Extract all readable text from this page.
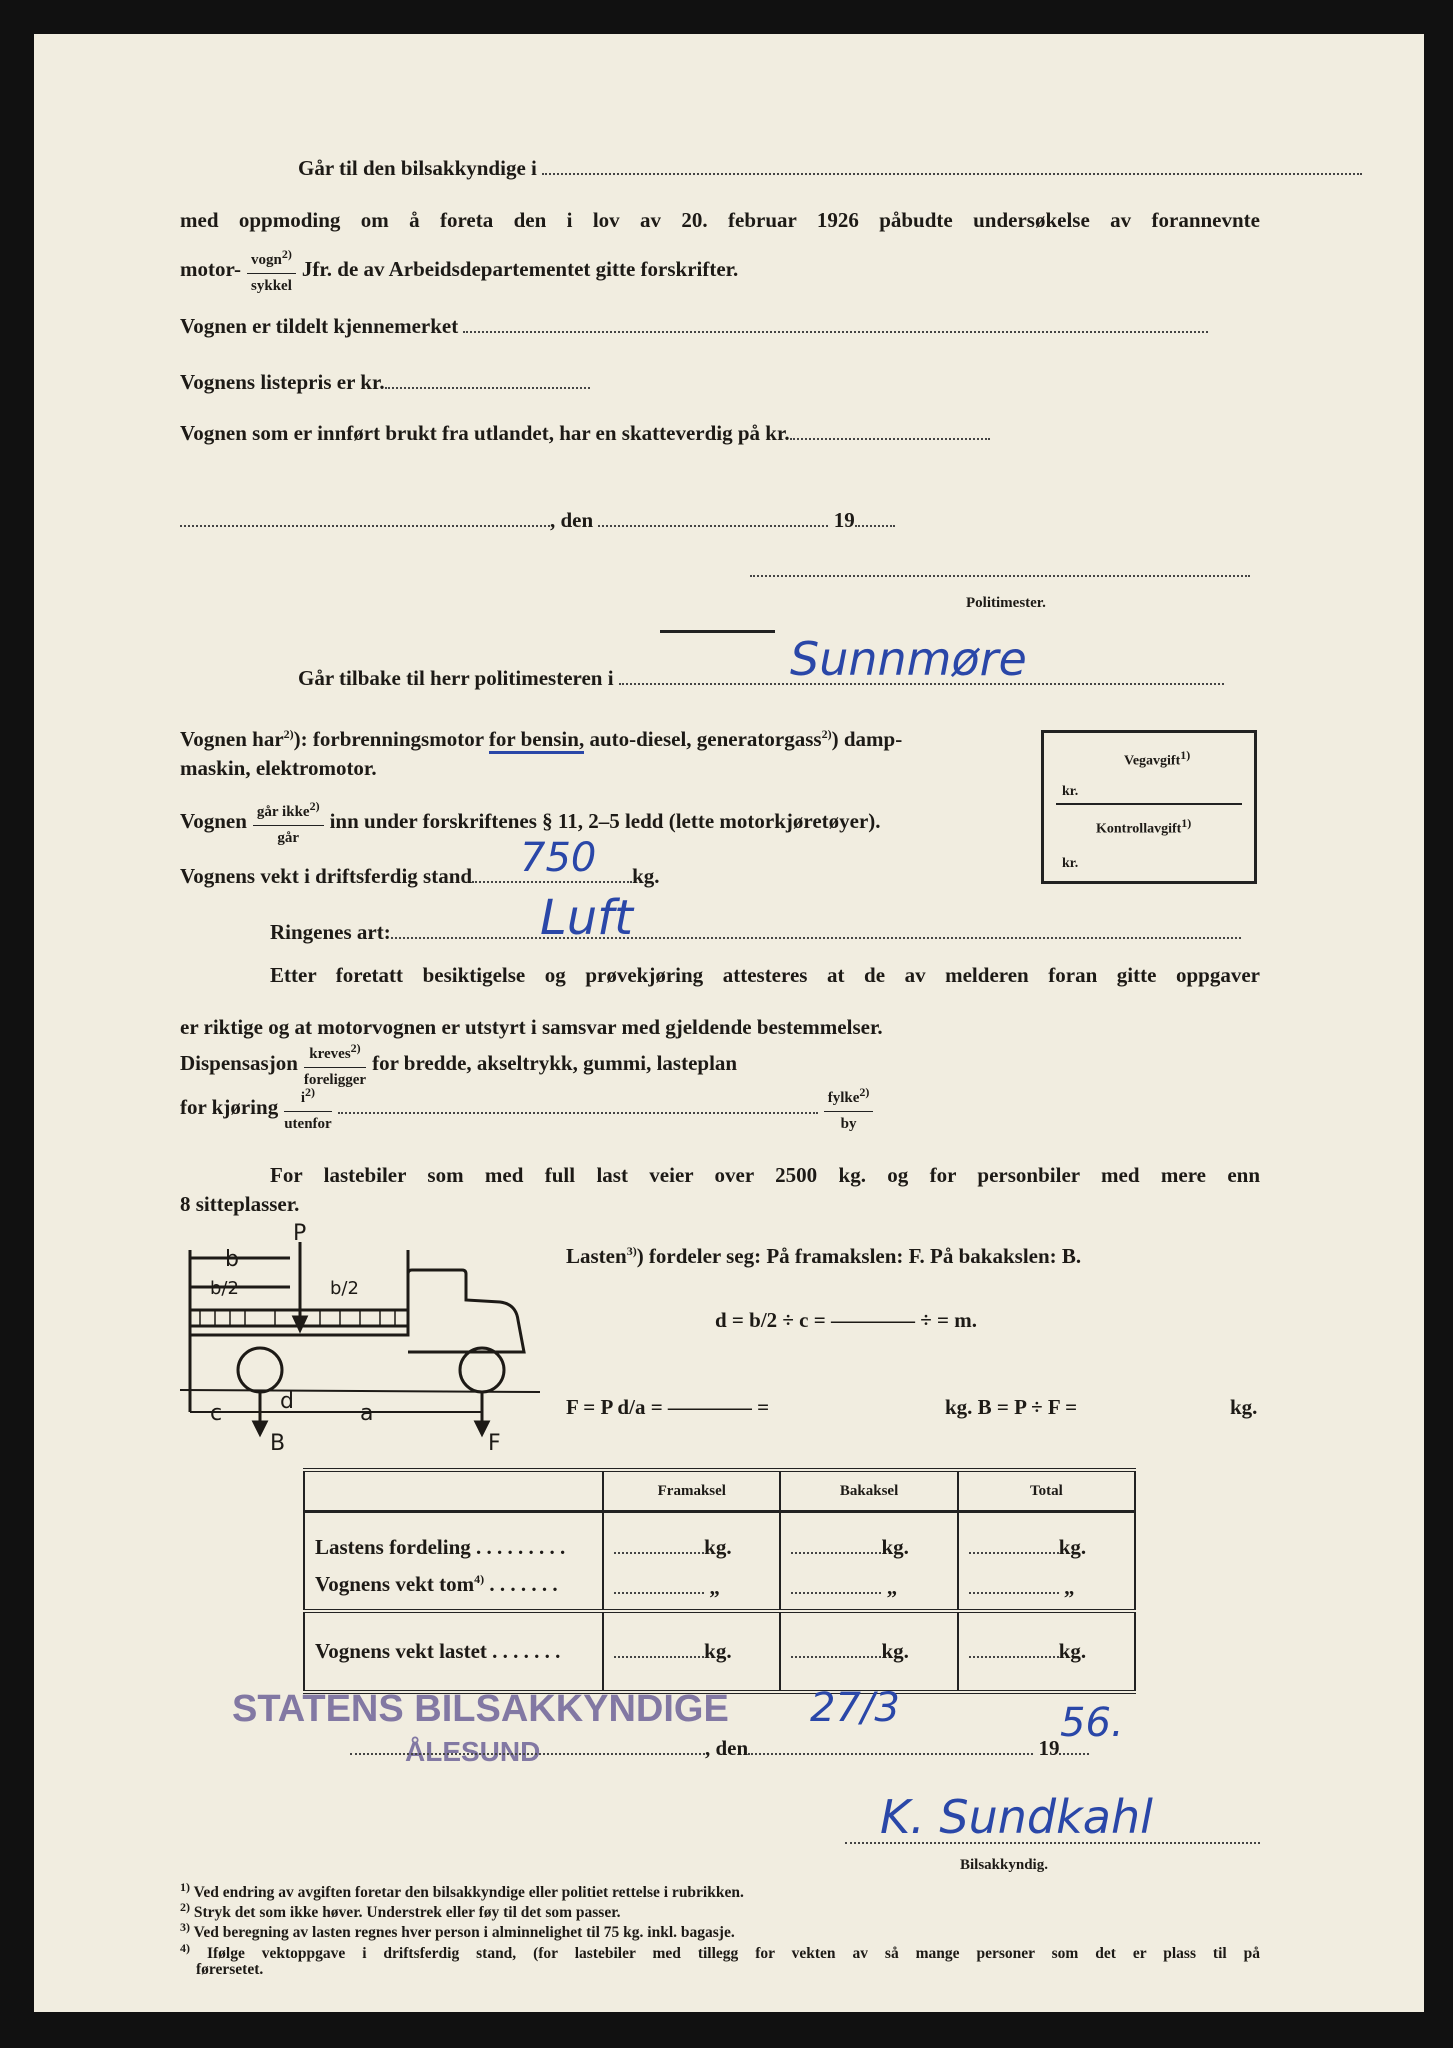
Går til den bilsakkyndige i
med oppmoding om å foreta den i lov av 20. februar 1926 påbudte undersøkelse av forannevnte
motor- $\frac{vogn^{2)}}{\text{sykkel}}$ Jfr. de av Arbeidsdepartementet gitte forskrifter.
Vognen er tildelt kjennemerket
Vognens listepris er kr.
Vognen som er innført brukt fra utlandet, har en skatteverdig på kr.
, den	19
Politimester.
Går tilbake til herr politimesteren i	Sunnmøre
Vognen har$^{2)}$): forbrenningsmotor for bensin, auto-diesel, generatorgass$^{2)}$) damp-
maskin, elektromotor.
Vognen $\frac{går ikke^{2)}}{\text{går}}$ inn under forskriftenes § 11, 2–5 ledd (lette motorkjøretøyer).
Vognens vekt i driftsferdig stand	kg.
750
Ringenes art:	Luft
Etter foretatt besiktigelse og prøvekjøring attesteres at de av melderen foran gitte oppgaver
er riktige og at motorvognen er utstyrt i samsvar med gjeldende bestemmelser.
Dispensasjon $\frac{kreves^{2)}}{\text{foreligger}}$ for bredde, akseltrykk, gummi, lasteplan
for kjøring $\frac{i^{2)}}{\text{utenfor}}$	$\frac{fylke^{2)}}{by}$
For lastebiler som med full last veier over 2500 kg. og for personbiler med mere enn
8 sitteplasser.
P
b
b/2	b/2
d
c	a
B	F
Lasten$^{3)}$) fordeler seg: På framakslen: F. På bakakslen: B.
d = b/2 ÷ c = ———— ÷ = m.
F = P d/a = ———— =	kg. B = P ÷ F =	kg.
	Framaksel	Bakaksel	Total
Lastens fordeling . . . . . . . . .	kg.	kg.	kg.
Vognens vekt tom$^{4)}$ . . . . . . .	„	„	„
Vognens vekt lastet . . . . . . .	kg.	kg.	kg.
Vegavgift$^{1)}$
kr.
Kontrollavgift$^{1)}$
kr.
STATENS BILSAKKYNDIGE
ÅLESUND	, den	19
27/3	56.
K. Sundkahl
Bilsakkyndig.
$^{1)}$ Ved endring av avgiften foretar den bilsakkyndige eller politiet rettelse i rubrikken.
$^{2)}$ Stryk det som ikke høver. Understrek eller føy til det som passer.
$^{3)}$ Ved beregning av lasten regnes hver person i alminnelighet til 75 kg. inkl. bagasje.
$^{4)}$ Ifølge vektoppgave i driftsferdig stand, (for lastebiler med tillegg for vekten av så mange personer som det er plass til på
førersetet.
